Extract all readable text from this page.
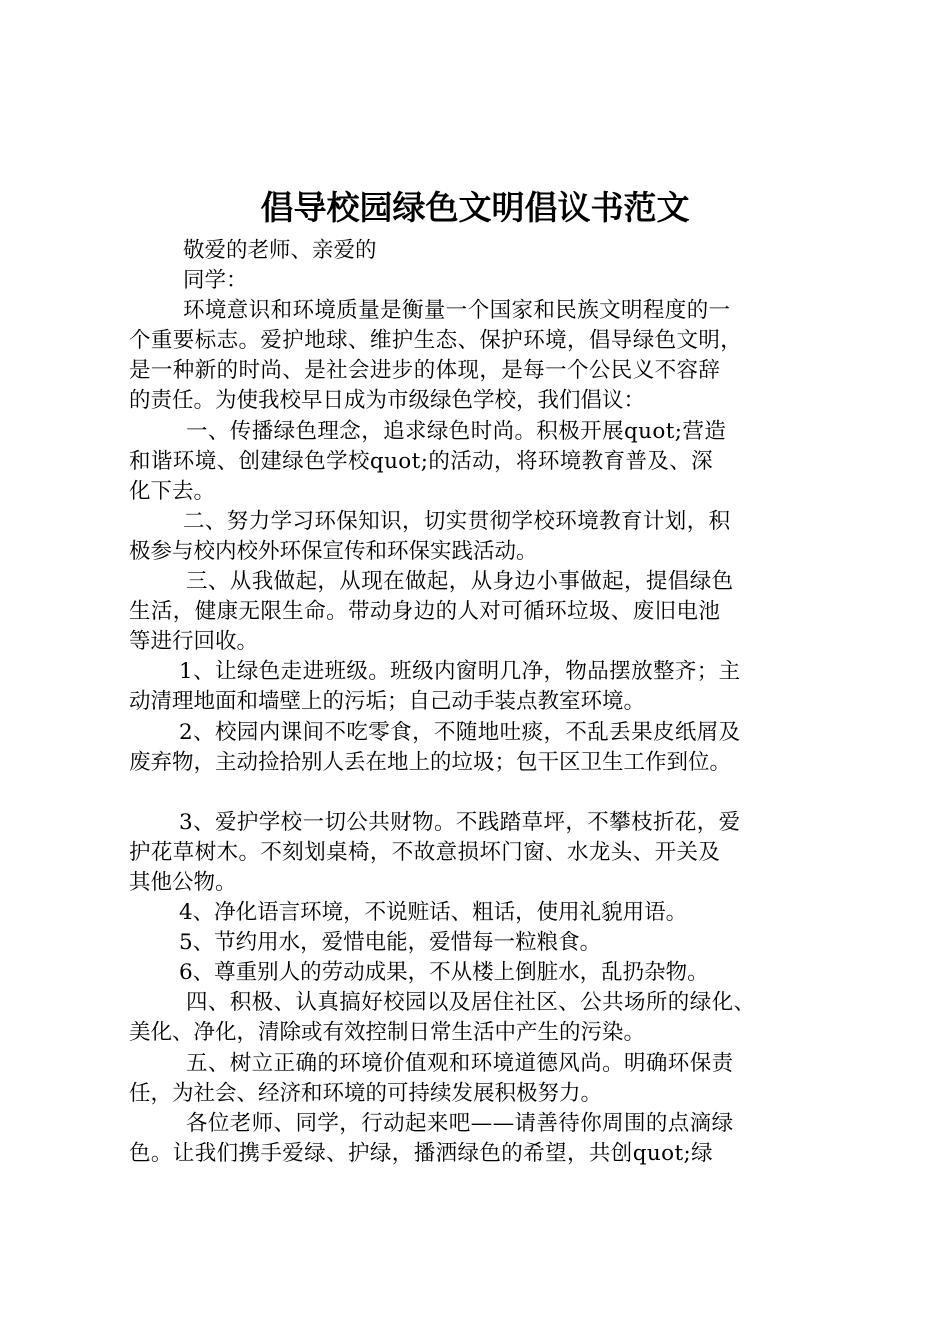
倡导校园绿色文明倡议书范文

敬爱的老师、亲爱的

同学：

环境意识和环境质量是衡量一个国家和民族文明程度的一

个重要标志。爱护地球、维护生态、保护环境，倡导绿色文明，

是一种新的时尚、是社会进步的体现，是每一个公民义不容辞

的责任。为使我校早日成为市级绿色学校，我们倡议：

一、传播绿色理念，追求绿色时尚。积极开展quot;营造

和谐环境、创建绿色学校quot;的活动，将环境教育普及、深

化下去。

二、努力学习环保知识，切实贯彻学校环境教育计划，积

极参与校内校外环保宣传和环保实践活动。

三、从我做起，从现在做起，从身边小事做起，提倡绿色

生活，健康无限生命。带动身边的人对可循环垃圾、废旧电池

等进行回收。

1、让绿色走进班级。班级内窗明几净，物品摆放整齐；主

动清理地面和墙壁上的污垢；自己动手装点教室环境。

2、校园内课间不吃零食，不随地吐痰，不乱丢果皮纸屑及

废弃物，主动捡拾别人丢在地上的垃圾；包干区卫生工作到位。

3、爱护学校一切公共财物。不践踏草坪，不攀枝折花，爱

护花草树木。不刻划桌椅，不故意损坏门窗、水龙头、开关及

其他公物。

4、净化语言环境，不说赃话、粗话，使用礼貌用语。

5、节约用水，爱惜电能，爱惜每一粒粮食。

6、尊重别人的劳动成果，不从楼上倒脏水，乱扔杂物。

四、积极、认真搞好校园以及居住社区、公共场所的绿化、

美化、净化，清除或有效控制日常生活中产生的污染。

五、树立正确的环境价值观和环境道德风尚。明确环保责

任，为社会、经济和环境的可持续发展积极努力。

各位老师、同学，行动起来吧——请善待你周围的点滴绿

色。让我们携手爱绿、护绿，播洒绿色的希望，共创quot;绿
